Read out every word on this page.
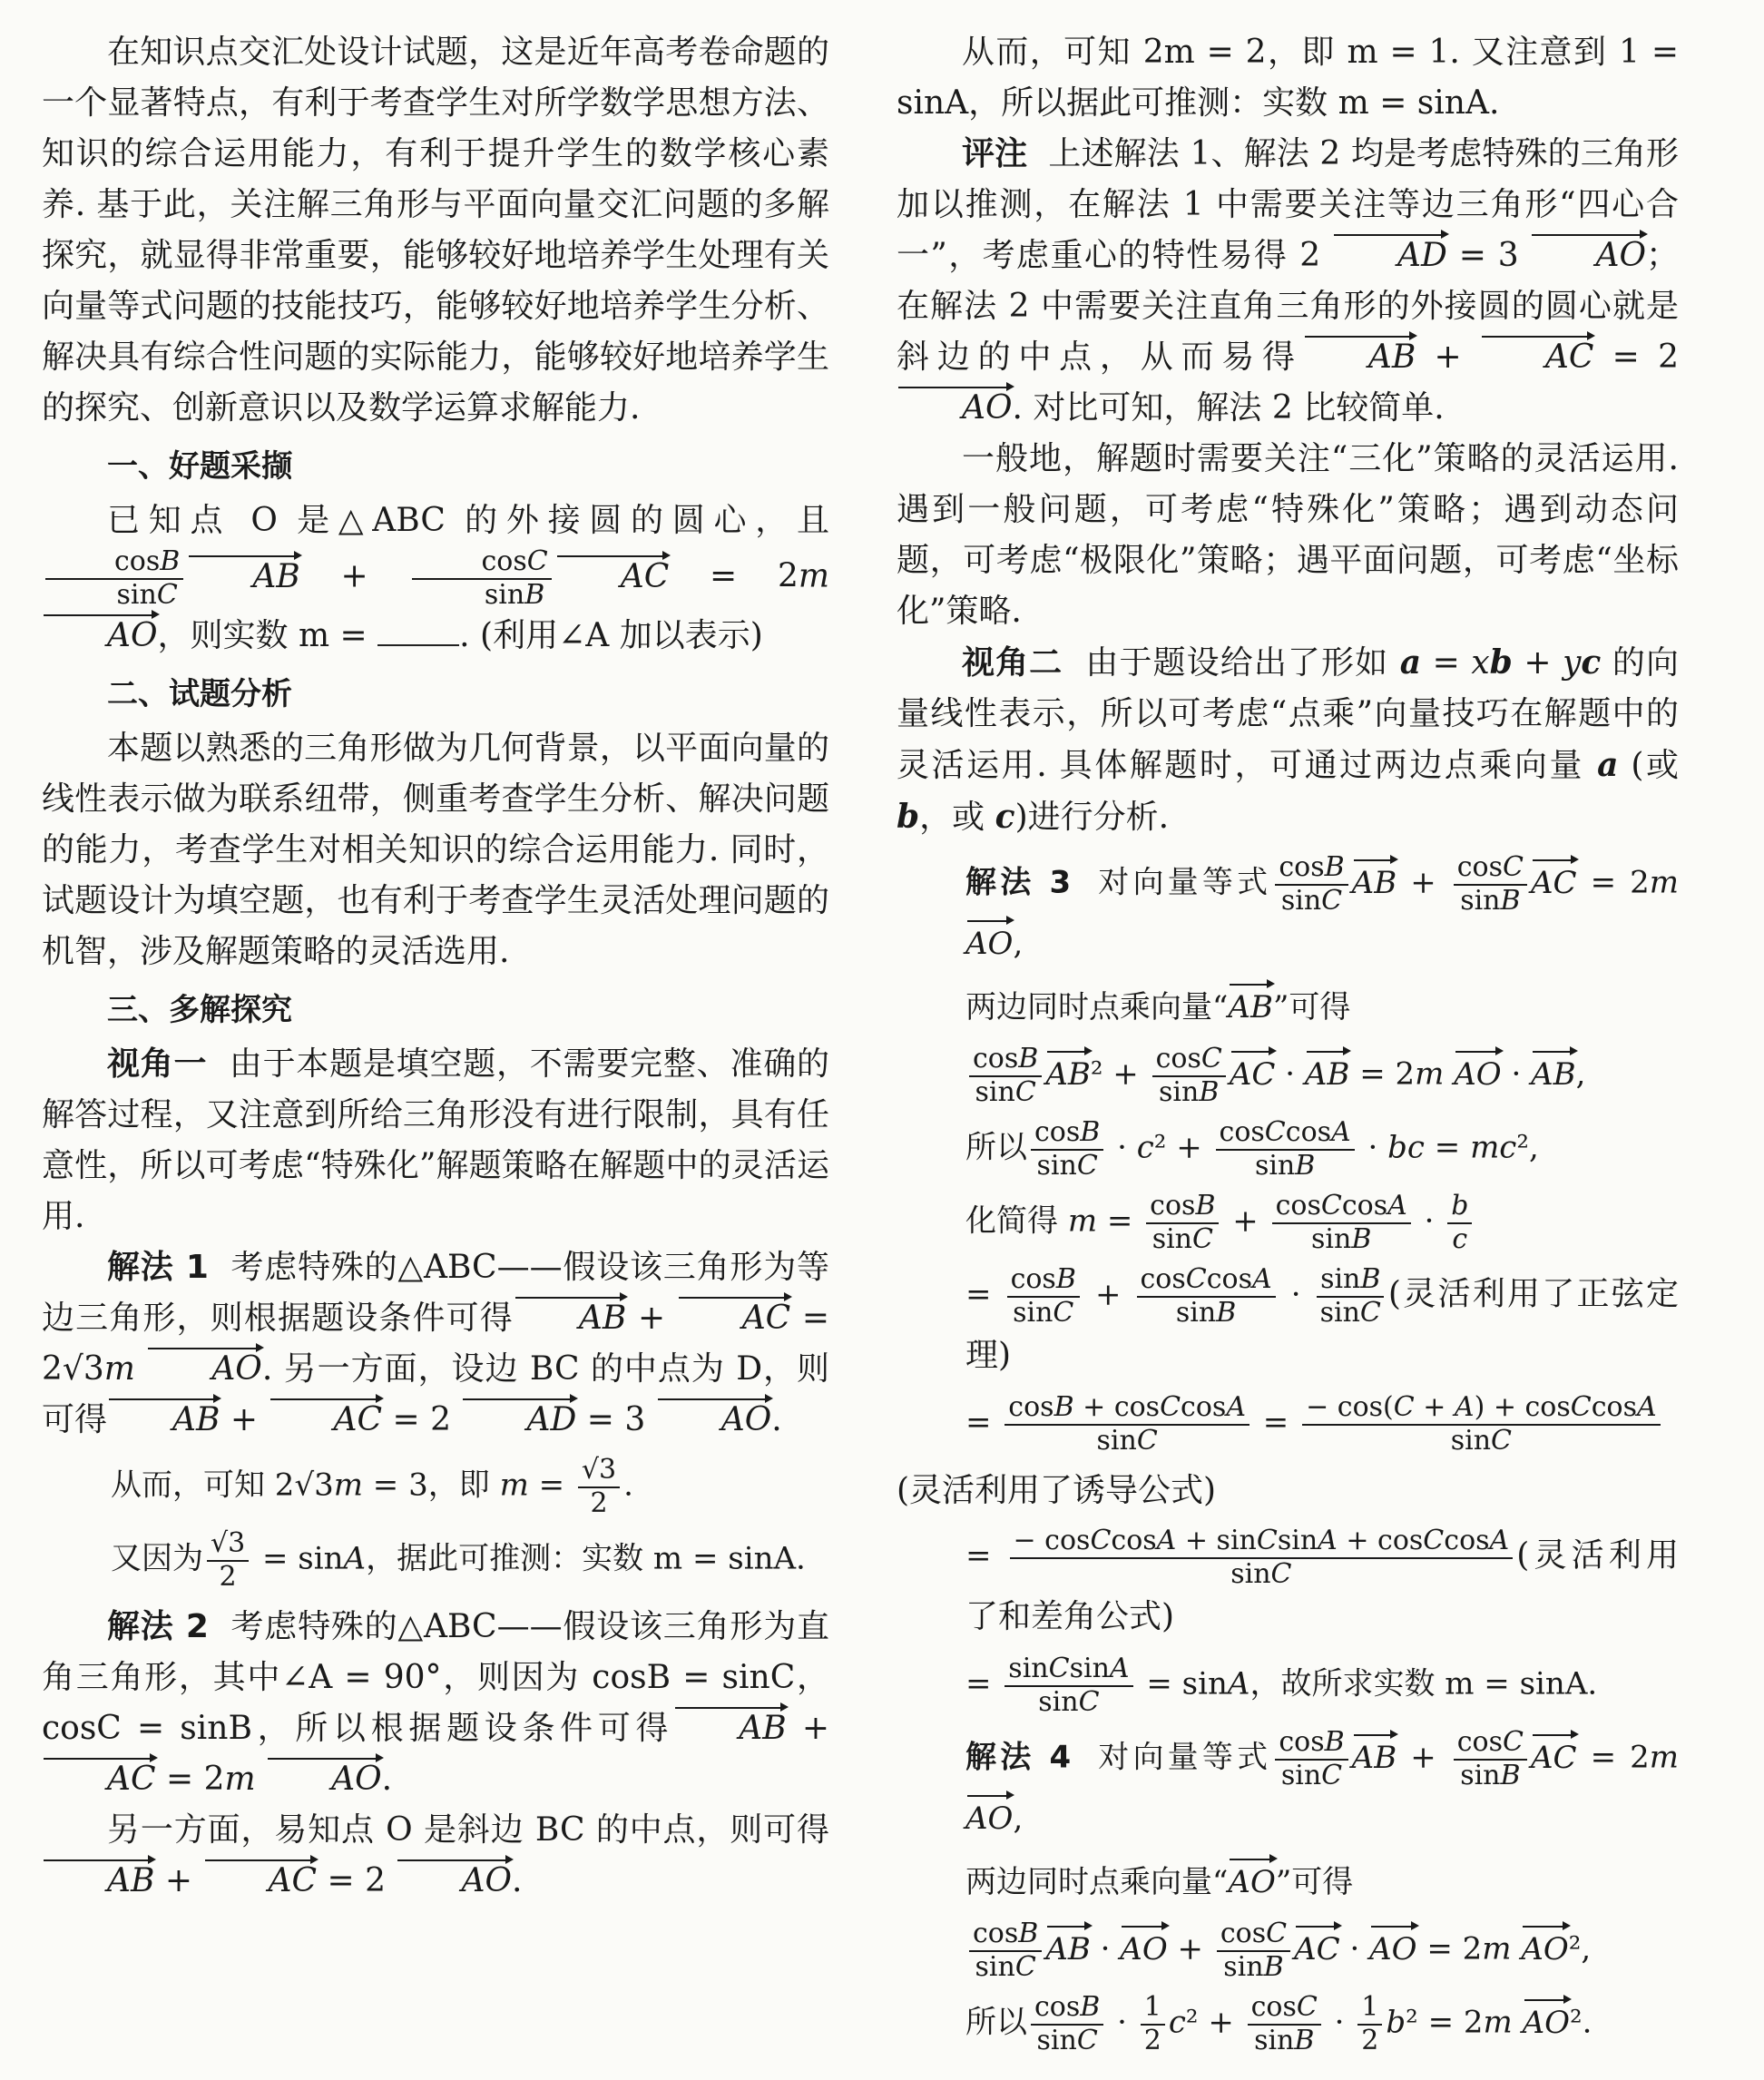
在知识点交汇处设计试题，这是近年高考卷命题的一个显著特点，有利于考查学生对所学数学思想方法、知识的综合运用能力，有利于提升学生的数学核心素养. 基于此，关注解三角形与平面向量交汇问题的多解探究，就显得非常重要，能够较好地培养学生处理有关向量等式问题的技能技巧，能够较好地培养学生分析、解决具有综合性问题的实际能力，能够较好地培养学生的探究、创新意识以及数学运算求解能力.

一、好题采撷

已知点 O 是△ABC 的外接圆的圆心，且
$\frac{\cos B}{\sin C}$ AB + $\frac{\cos C}{\sin B}$ AC = 2m AO，则实数 m =	. (利用∠A 加以表示)

二、试题分析

本题以熟悉的三角形做为几何背景，以平面向量的线性表示做为联系纽带，侧重考查学生分析、解决问题的能力，考查学生对相关知识的综合运用能力. 同时，试题设计为填空题，也有利于考查学生灵活处理问题的机智，涉及解题策略的灵活选用.

三、多解探究

视角一 由于本题是填空题，不需要完整、准确的解答过程，又注意到所给三角形没有进行限制，具有任意性，所以可考虑“特殊化”解题策略在解题中的灵活运用.

解法 1 考虑特殊的△ABC——假设该三角形为等边三角形，则根据题设条件可得 AB + AC = 2√3m AO. 另一方面，设边 BC 的中点为 D，则可得 AB + AC = 2 AD = 3 AO.

从而，可知 2√3m = 3，即 $m = \frac{√3}{2}$ .

又因为 $\frac{√3}{2} = \sin A$，据此可推测：实数 m = sinA.

解法 2 考虑特殊的△ABC——假设该三角形为直角三角形，其中∠A = 90°，则因为 cosB = sinC，cosC = sinB，所以根据题设条件可得 AB + AC = 2m AO.

另一方面，易知点 O 是斜边 BC 的中点，则可得 AB + AC = 2 AO.

从而，可知 2m = 2，即 m = 1. 又注意到 1 = sinA，所以据此可推测：实数 m = sinA.

评注 上述解法 1、解法 2 均是考虑特殊的三角形加以推测，在解法 1 中需要关注等边三角形“四心合一”，考虑重心的特性易得 2 AD = 3 AO；在解法 2 中需要关注直角三角形的外接圆的圆心就是斜边的中点，从而易得 AB + AC = 2 AO. 对比可知，解法 2 比较简单.

一般地，解题时需要关注“三化”策略的灵活运用. 遇到一般问题，可考虑“特殊化”策略；遇到动态问题，可考虑“极限化”策略；遇平面问题，可考虑“坐标化”策略.

视角二 由于题设给出了形如 a = xb + yc 的向量线性表示，所以可考虑“点乘”向量技巧在解题中的灵活运用. 具体解题时，可通过两边点乘向量 a (或 b，或 c)进行分析.

解法 3 对向量等式 $\frac{\cos B}{\sin C}$ AB + $\frac{\cos C}{\sin B}$ AC = 2m AO,

两边同时点乘向量“AB”可得

$\frac{\cos B}{\sin C} AB^2 + \frac{\cos C}{\sin B}$ AC · AB = 2m AO · AB,

所以 $\frac{\cos B}{\sin C} \cdot c^2 + \frac{\text{cosCcosA}}{\sin B}$ · bc = mc²,

化简得 $m = \frac{\cos B}{\sin C} + \frac{\text{cosCcosA}}{\sin B} \cdot \frac{b}{c}$

= $\frac{\cos B}{\sin C} + \frac{\text{cosCcosA}}{\sin B} \cdot \frac{\sin B}{\sin C}$ (灵活利用了正弦定理)

= $\frac{\text{cosB + cosCcosA}}{\sin C} = \frac{\text{− cos(C + A) + cosCcosA}}{\sin C}$

(灵活利用了诱导公式)

= $\frac{\text{− cosCcosA + sinCsinA + cosCcosA}}{\sin C}$ (灵活利用了和差角公式)

= $\frac{\text{sinCsinA}}{\sin C} = \sin A$，故所求实数 m = sinA.

解法 4 对向量等式 $\frac{\cos B}{\sin C}$ AB + $\frac{\cos C}{\sin B}$ AC = 2m AO,

两边同时点乘向量“AO”可得

$\frac{\cos B}{\sin C}$ AB · AO + $\frac{\cos C}{\sin B}$ AC · AO = 2m AO²,

所以 $\frac{\cos B}{\sin C} \cdot \frac{1}{2} c^2 + \frac{\cos C}{\sin B} \cdot \frac{1}{2} b^2 = 2m$ AO².
